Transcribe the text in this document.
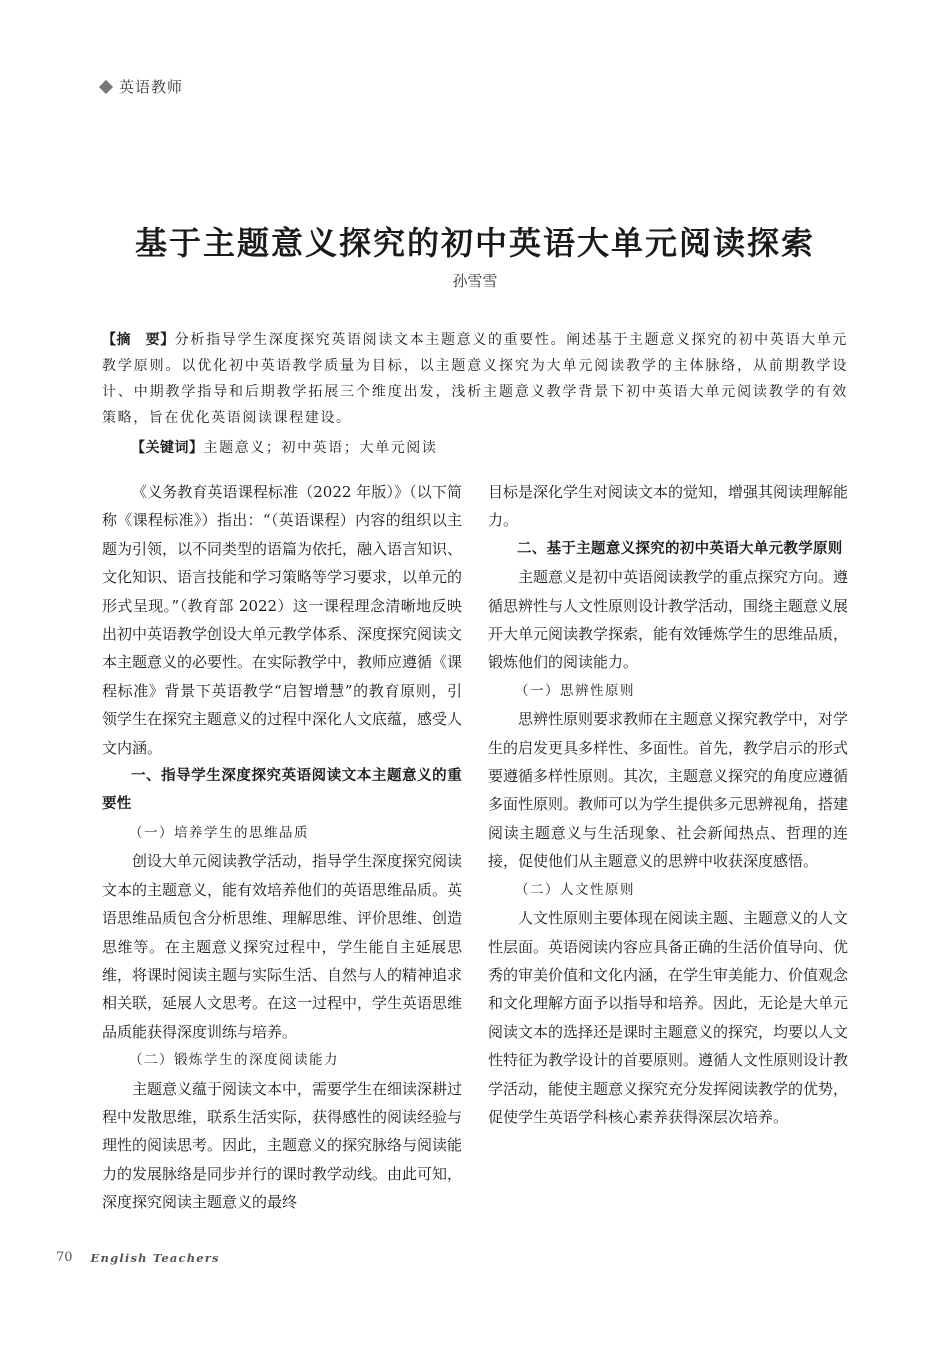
英语教师
基于主题意义探究的初中英语大单元阅读探索
孙雪雪
【摘　要】分析指导学生深度探究英语阅读文本主题意义的重要性。阐述基于主题意义探究的初中英语大单元教学原则。以优化初中英语教学质量为目标，以主题意义探究为大单元阅读教学的主体脉络，从前期教学设计、中期教学指导和后期教学拓展三个维度出发，浅析主题意义教学背景下初中英语大单元阅读教学的有效策略，旨在优化英语阅读课程建设。
【关键词】主题意义；初中英语；大单元阅读

《义务教育英语课程标准（2022 年版）》（以下简称《课程标准》）指出：“（英语课程）内容的组织以主题为引领，以不同类型的语篇为依托，融入语言知识、文化知识、语言技能和学习策略等学习要求，以单元的形式呈现。”（教育部 2022）这一课程理念清晰地反映出初中英语教学创设大单元教学体系、深度探究阅读文本主题意义的必要性。在实际教学中，教师应遵循《课程标准》背景下英语教学“启智增慧”的教育原则，引领学生在探究主题意义的过程中深化人文底蕴，感受人文内涵。

一、指导学生深度探究英语阅读文本主题意义的重要性

（一）培养学生的思维品质

创设大单元阅读教学活动，指导学生深度探究阅读文本的主题意义，能有效培养他们的英语思维品质。英语思维品质包含分析思维、理解思维、评价思维、创造思维等。在主题意义探究过程中，学生能自主延展思维，将课时阅读主题与实际生活、自然与人的精神追求相关联，延展人文思考。在这一过程中，学生英语思维品质能获得深度训练与培养。

（二）锻炼学生的深度阅读能力

主题意义蕴于阅读文本中，需要学生在细读深耕过程中发散思维，联系生活实际，获得感性的阅读经验与理性的阅读思考。因此，主题意义的探究脉络与阅读能力的发展脉络是同步并行的课时教学动线。由此可知，深度探究阅读主题意义的最终

目标是深化学生对阅读文本的觉知，增强其阅读理解能力。

二、基于主题意义探究的初中英语大单元教学原则

主题意义是初中英语阅读教学的重点探究方向。遵循思辨性与人文性原则设计教学活动，围绕主题意义展开大单元阅读教学探索，能有效锤炼学生的思维品质，锻炼他们的阅读能力。

（一）思辨性原则

思辨性原则要求教师在主题意义探究教学中，对学生的启发更具多样性、多面性。首先，教学启示的形式要遵循多样性原则。其次，主题意义探究的角度应遵循多面性原则。教师可以为学生提供多元思辨视角，搭建阅读主题意义与生活现象、社会新闻热点、哲理的连接，促使他们从主题意义的思辨中收获深度感悟。

（二）人文性原则

人文性原则主要体现在阅读主题、主题意义的人文性层面。英语阅读内容应具备正确的生活价值导向、优秀的审美价值和文化内涵，在学生审美能力、价值观念和文化理解方面予以指导和培养。因此，无论是大单元阅读文本的选择还是课时主题意义的探究，均要以人文性特征为教学设计的首要原则。遵循人文性原则设计教学活动，能使主题意义探究充分发挥阅读教学的优势，促使学生英语学科核心素养获得深层次培养。

70 English Teachers
